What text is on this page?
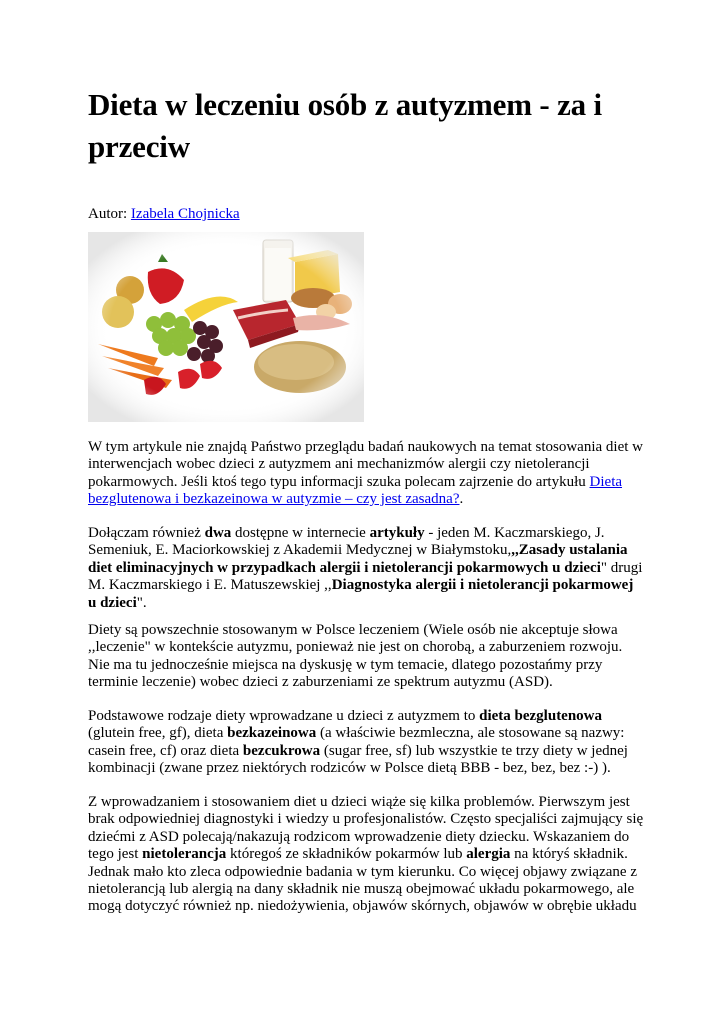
Dieta w leczeniu osób z autyzmem - za i przeciw
Autor: Izabela Chojnicka

W tym artykule nie znajdą Państwo przeglądu badań naukowych na temat stosowania diet w interwencjach wobec dzieci z autyzmem ani mechanizmów alergii czy nietolerancji pokarmowych. Jeśli ktoś tego typu informacji szuka polecam zajrzenie do artykułu Dieta bezglutenowa i bezkazeinowa w autyzmie – czy jest zasadna?.

Dołączam również dwa dostępne w internecie artykuły - jeden M. Kaczmarskiego, J. Semeniuk, E. Maciorkowskiej z Akademii Medycznej w Białymstoku,,,Zasady ustalania diet eliminacyjnych w przypadkach alergii i nietolerancji pokarmowych u dzieci" drugi M. Kaczmarskiego i E. Matuszewskiej ,,Diagnostyka alergii i nietolerancji pokarmowej u dzieci".

Diety są powszechnie stosowanym w Polsce leczeniem (Wiele osób nie akceptuje słowa ,,leczenie" w kontekście autyzmu, ponieważ nie jest on chorobą, a zaburzeniem rozwoju. Nie ma tu jednocześnie miejsca na dyskusję w tym temacie, dlatego pozostańmy przy terminie leczenie) wobec dzieci z zaburzeniami ze spektrum autyzmu (ASD).

Podstawowe rodzaje diety wprowadzane u dzieci z autyzmem to dieta bezglutenowa (glutein free, gf), dieta bezkazeinowa (a właściwie bezmleczna, ale stosowane są nazwy: casein free, cf) oraz dieta bezcukrowa (sugar free, sf) lub wszystkie te trzy diety w jednej kombinacji (zwane przez niektórych rodziców w Polsce dietą BBB - bez, bez, bez :-) ).

Z wprowadzaniem i stosowaniem diet u dzieci wiąże się kilka problemów. Pierwszym jest brak odpowiedniej diagnostyki i wiedzy u profesjonalistów. Często specjaliści zajmujący się dziećmi z ASD polecają/nakazują rodzicom wprowadzenie diety dziecku. Wskazaniem do tego jest nietolerancja któregoś ze składników pokarmów lub alergia na któryś składnik. Jednak mało kto zleca odpowiednie badania w tym kierunku. Co więcej objawy związane z nietolerancją lub alergią na dany składnik nie muszą obejmować układu pokarmowego, ale mogą dotyczyć również np. niedożywienia, objawów skórnych, objawów w obrębie układu
